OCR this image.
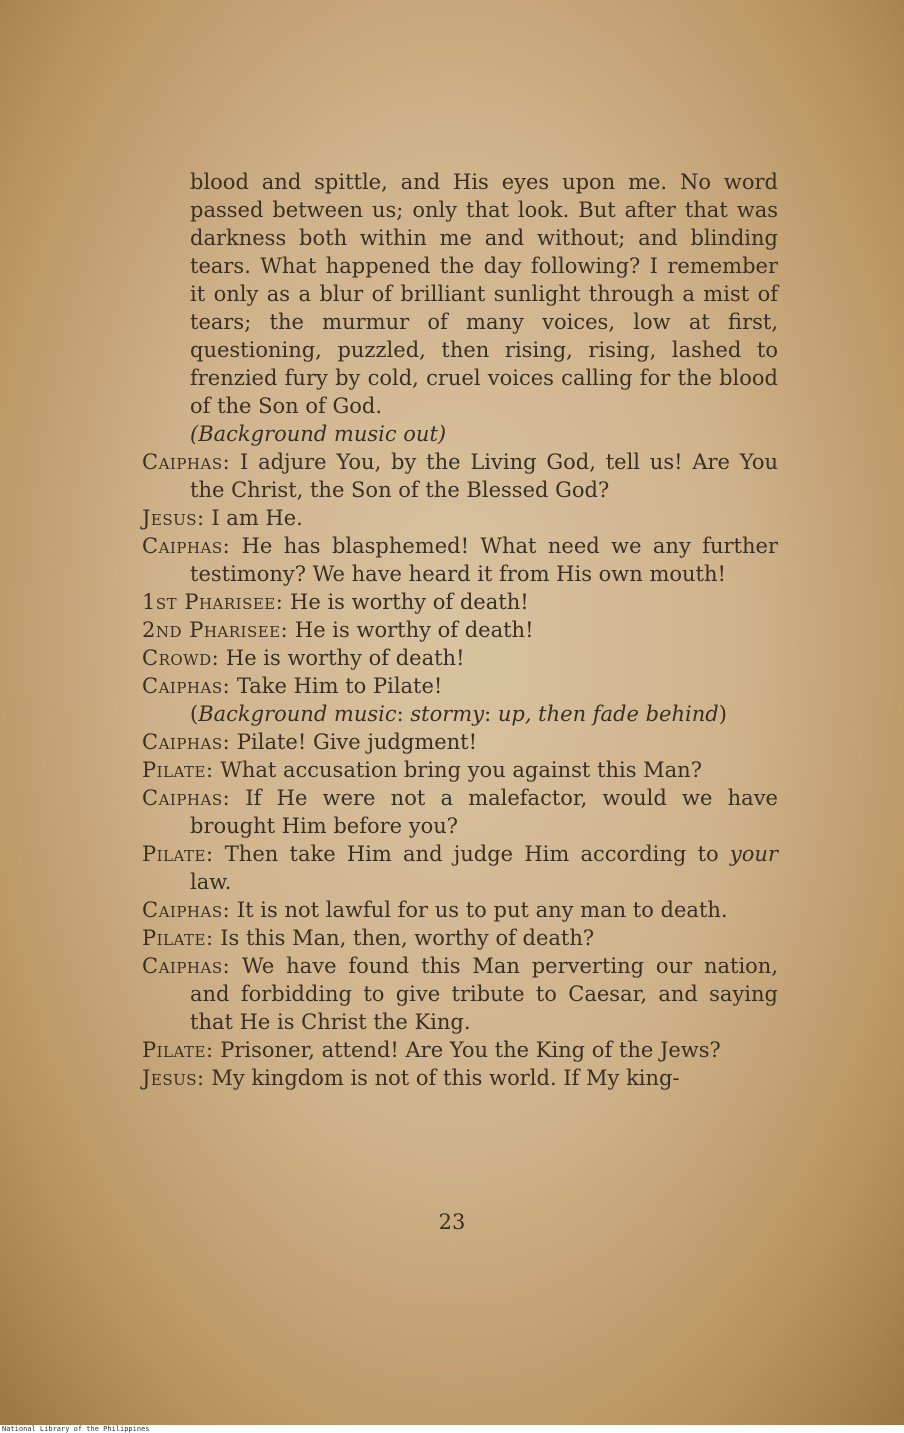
blood and spittle, and His eyes upon me. No word passed between us; only that look. But after that was darkness both within me and without; and blinding tears. What happened the day following? I remember it only as a blur of brilliant sunlight through a mist of tears; the murmur of many voices, low at first, questioning, puzzled, then rising, rising, lashed to frenzied fury by cold, cruel voices calling for the blood of the Son of God.
(Background music out)

Caiphas: I adjure You, by the Living God, tell us! Are You the Christ, the Son of the Blessed God?

Jesus: I am He.

Caiphas: He has blasphemed! What need we any further testimony? We have heard it from His own mouth!

1st Pharisee: He is worthy of death!

2nd Pharisee: He is worthy of death!

Crowd: He is worthy of death!

Caiphas: Take Him to Pilate!

(Background music: stormy: up, then fade behind)

Caiphas: Pilate! Give judgment!

Pilate: What accusation bring you against this Man?

Caiphas: If He were not a malefactor, would we have brought Him before you?

Pilate: Then take Him and judge Him according to your law.

Caiphas: It is not lawful for us to put any man to death.

Pilate: Is this Man, then, worthy of death?

Caiphas: We have found this Man perverting our nation, and forbidding to give tribute to Caesar, and saying that He is Christ the King.

Pilate: Prisoner, attend! Are You the King of the Jews?

Jesus: My kingdom is not of this world. If My king-

23
National Library of the Philippines
